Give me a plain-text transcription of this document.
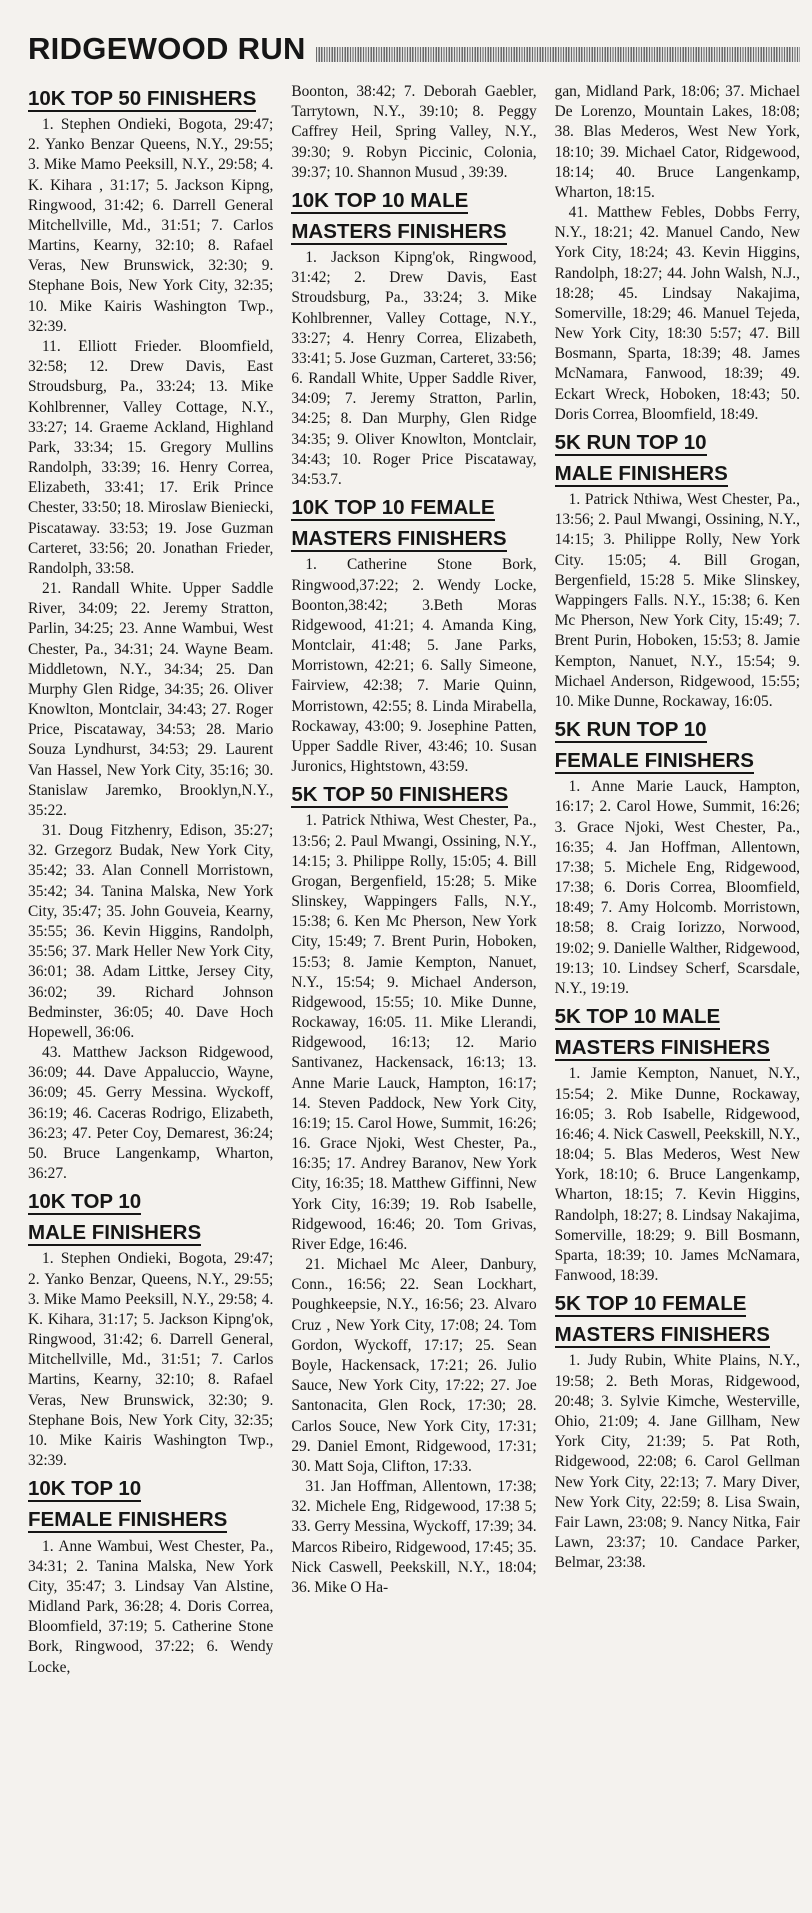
RIDGEWOOD RUN
10K TOP 50 FINISHERS

1. Stephen Ondieki, Bogota, 29:47; 2. Yanko Benzar Queens, N.Y., 29:55; 3. Mike Mamo Peeksill, N.Y., 29:58; 4. K. Kihara , 31:17; 5. Jackson Kipng, Ringwood, 31:42; 6. Darrell General Mitchellville, Md., 31:51; 7. Carlos Martins, Kearny, 32:10; 8. Rafael Veras, New Brunswick, 32:30; 9. Stephane Bois, New York City, 32:35; 10. Mike Kairis Washington Twp., 32:39.

11. Elliott Frieder. Bloomfield, 32:58; 12. Drew Davis, East Stroudsburg, Pa., 33:24; 13. Mike Kohlbrenner, Valley Cottage, N.Y., 33:27; 14. Graeme Ackland, Highland Park, 33:34; 15. Gregory Mullins Randolph, 33:39; 16. Henry Correa, Elizabeth, 33:41; 17. Erik Prince Chester, 33:50; 18. Miroslaw Bieniecki, Piscataway. 33:53; 19. Jose Guzman Carteret, 33:56; 20. Jonathan Frieder, Randolph, 33:58.

21. Randall White. Upper Saddle River, 34:09; 22. Jeremy Stratton, Parlin, 34:25; 23. Anne Wambui, West Chester, Pa., 34:31; 24. Wayne Beam. Middletown, N.Y., 34:34; 25. Dan Murphy Glen Ridge, 34:35; 26. Oliver Knowlton, Montclair, 34:43; 27. Roger Price, Piscataway, 34:53; 28. Mario Souza Lyndhurst, 34:53; 29. Laurent Van Hassel, New York City, 35:16; 30. Stanislaw Jaremko, Brooklyn,N.Y., 35:22.

31. Doug Fitzhenry, Edison, 35:27; 32. Grzegorz Budak, New York City, 35:42; 33. Alan Connell Morristown, 35:42; 34. Tanina Malska, New York City, 35:47; 35. John Gouveia, Kearny, 35:55; 36. Kevin Higgins, Randolph, 35:56; 37. Mark Heller New York City, 36:01; 38. Adam Littke, Jersey City, 36:02; 39. Richard Johnson Bedminster, 36:05; 40. Dave Hoch Hopewell, 36:06.

43. Matthew Jackson Ridgewood, 36:09; 44. Dave Appaluccio, Wayne, 36:09; 45. Gerry Messina. Wyckoff, 36:19; 46. Caceras Rodrigo, Elizabeth, 36:23; 47. Peter Coy, Demarest, 36:24; 50. Bruce Langenkamp, Wharton, 36:27.

10K TOP 10
MALE FINISHERS

1. Stephen Ondieki, Bogota, 29:47; 2. Yanko Benzar, Queens, N.Y., 29:55; 3. Mike Mamo Peeksill, N.Y., 29:58; 4. K. Kihara, 31:17; 5. Jackson Kipng'ok, Ringwood, 31:42; 6. Darrell General, Mitchellville, Md., 31:51; 7. Carlos Martins, Kearny, 32:10; 8. Rafael Veras, New Brunswick, 32:30; 9. Stephane Bois, New York City, 32:35; 10. Mike Kairis Washington Twp., 32:39.

10K TOP 10
FEMALE FINISHERS

1. Anne Wambui, West Chester, Pa., 34:31; 2. Tanina Malska, New York City, 35:47; 3. Lindsay Van Alstine, Midland Park, 36:28; 4. Doris Correa, Bloomfield, 37:19; 5. Catherine Stone Bork, Ringwood, 37:22; 6. Wendy Locke,

Boonton, 38:42; 7. Deborah Gaebler, Tarrytown, N.Y., 39:10; 8. Peggy Caffrey Heil, Spring Valley, N.Y., 39:30; 9. Robyn Piccinic, Colonia, 39:37; 10. Shannon Musud , 39:39.

10K TOP 10 MALE
MASTERS FINISHERS

1. Jackson Kipng'ok, Ringwood, 31:42; 2. Drew Davis, East Stroudsburg, Pa., 33:24; 3. Mike Kohlbrenner, Valley Cottage, N.Y., 33:27; 4. Henry Correa, Elizabeth, 33:41; 5. Jose Guzman, Carteret, 33:56; 6. Randall White, Upper Saddle River, 34:09; 7. Jeremy Stratton, Parlin, 34:25; 8. Dan Murphy, Glen Ridge 34:35; 9. Oliver Knowlton, Montclair, 34:43; 10. Roger Price Piscataway, 34:53.7.

10K TOP 10 FEMALE
MASTERS FINISHERS

1. Catherine Stone Bork, Ringwood,37:22; 2. Wendy Locke, Boonton,38:42; 3.Beth Moras Ridgewood, 41:21; 4. Amanda King, Montclair, 41:48; 5. Jane Parks, Morristown, 42:21; 6. Sally Simeone, Fairview, 42:38; 7. Marie Quinn, Morristown, 42:55; 8. Linda Mirabella, Rockaway, 43:00; 9. Josephine Patten, Upper Saddle River, 43:46; 10. Susan Juronics, Hightstown, 43:59.

5K TOP 50 FINISHERS

1. Patrick Nthiwa, West Chester, Pa., 13:56; 2. Paul Mwangi, Ossining, N.Y., 14:15; 3. Philippe Rolly, 15:05; 4. Bill Grogan, Bergenfield, 15:28; 5. Mike Slinskey, Wappingers Falls, N.Y., 15:38; 6. Ken Mc Pherson, New York City, 15:49; 7. Brent Purin, Hoboken, 15:53; 8. Jamie Kempton, Nanuet, N.Y., 15:54; 9. Michael Anderson, Ridgewood, 15:55; 10. Mike Dunne, Rockaway, 16:05. 11. Mike Llerandi, Ridgewood, 16:13; 12. Mario Santivanez, Hackensack, 16:13; 13. Anne Marie Lauck, Hampton, 16:17; 14. Steven Paddock, New York City, 16:19; 15. Carol Howe, Summit, 16:26; 16. Grace Njoki, West Chester, Pa., 16:35; 17. Andrey Baranov, New York City, 16:35; 18. Matthew Giffinni, New York City, 16:39; 19. Rob Isabelle, Ridgewood, 16:46; 20. Tom Grivas, River Edge, 16:46.

21. Michael Mc Aleer, Danbury, Conn., 16:56; 22. Sean Lockhart, Poughkeepsie, N.Y., 16:56; 23. Alvaro Cruz , New York City, 17:08; 24. Tom Gordon, Wyckoff, 17:17; 25. Sean Boyle, Hackensack, 17:21; 26. Julio Sauce, New York City, 17:22; 27. Joe Santonacita, Glen Rock, 17:30; 28. Carlos Souce, New York City, 17:31; 29. Daniel Emont, Ridgewood, 17:31; 30. Matt Soja, Clifton, 17:33.

31. Jan Hoffman, Allentown, 17:38; 32. Michele Eng, Ridgewood, 17:38 5; 33. Gerry Messina, Wyckoff, 17:39; 34. Marcos Ribeiro, Ridgewood, 17:45; 35. Nick Caswell, Peekskill, N.Y., 18:04; 36. Mike O Ha-

gan, Midland Park, 18:06; 37. Michael De Lorenzo, Mountain Lakes, 18:08; 38. Blas Mederos, West New York, 18:10; 39. Michael Cator, Ridgewood, 18:14; 40. Bruce Langenkamp, Wharton, 18:15.

41. Matthew Febles, Dobbs Ferry, N.Y., 18:21; 42. Manuel Cando, New York City, 18:24; 43. Kevin Higgins, Randolph, 18:27; 44. John Walsh, N.J., 18:28; 45. Lindsay Nakajima, Somerville, 18:29; 46. Manuel Tejeda, New York City, 18:30 5:57; 47. Bill Bosmann, Sparta, 18:39; 48. James McNamara, Fanwood, 18:39; 49. Eckart Wreck, Hoboken, 18:43; 50. Doris Correa, Bloomfield, 18:49.

5K RUN TOP 10
MALE FINISHERS

1. Patrick Nthiwa, West Chester, Pa., 13:56; 2. Paul Mwangi, Ossining, N.Y., 14:15; 3. Philippe Rolly, New York City. 15:05; 4. Bill Grogan, Bergenfield, 15:28 5. Mike Slinskey, Wappingers Falls. N.Y., 15:38; 6. Ken Mc Pherson, New York City, 15:49; 7. Brent Purin, Hoboken, 15:53; 8. Jamie Kempton, Nanuet, N.Y., 15:54; 9. Michael Anderson, Ridgewood, 15:55; 10. Mike Dunne, Rockaway, 16:05.

5K RUN TOP 10
FEMALE FINISHERS

1. Anne Marie Lauck, Hampton, 16:17; 2. Carol Howe, Summit, 16:26; 3. Grace Njoki, West Chester, Pa., 16:35; 4. Jan Hoffman, Allentown, 17:38; 5. Michele Eng, Ridgewood, 17:38; 6. Doris Correa, Bloomfield, 18:49; 7. Amy Holcomb. Morristown, 18:58; 8. Craig Iorizzo, Norwood, 19:02; 9. Danielle Walther, Ridgewood, 19:13; 10. Lindsey Scherf, Scarsdale, N.Y., 19:19.

5K TOP 10 MALE
MASTERS FINISHERS

1. Jamie Kempton, Nanuet, N.Y., 15:54; 2. Mike Dunne, Rockaway, 16:05; 3. Rob Isabelle, Ridgewood, 16:46; 4. Nick Caswell, Peekskill, N.Y., 18:04; 5. Blas Mederos, West New York, 18:10; 6. Bruce Langenkamp, Wharton, 18:15; 7. Kevin Higgins, Randolph, 18:27; 8. Lindsay Nakajima, Somerville, 18:29; 9. Bill Bosmann, Sparta, 18:39; 10. James McNamara, Fanwood, 18:39.

5K TOP 10 FEMALE
MASTERS FINISHERS

1. Judy Rubin, White Plains, N.Y., 19:58; 2. Beth Moras, Ridgewood, 20:48; 3. Sylvie Kimche, Westerville, Ohio, 21:09; 4. Jane Gillham, New York City, 21:39; 5. Pat Roth, Ridgewood, 22:08; 6. Carol Gellman New York City, 22:13; 7. Mary Diver, New York City, 22:59; 8. Lisa Swain, Fair Lawn, 23:08; 9. Nancy Nitka, Fair Lawn, 23:37; 10. Candace Parker, Belmar, 23:38.
